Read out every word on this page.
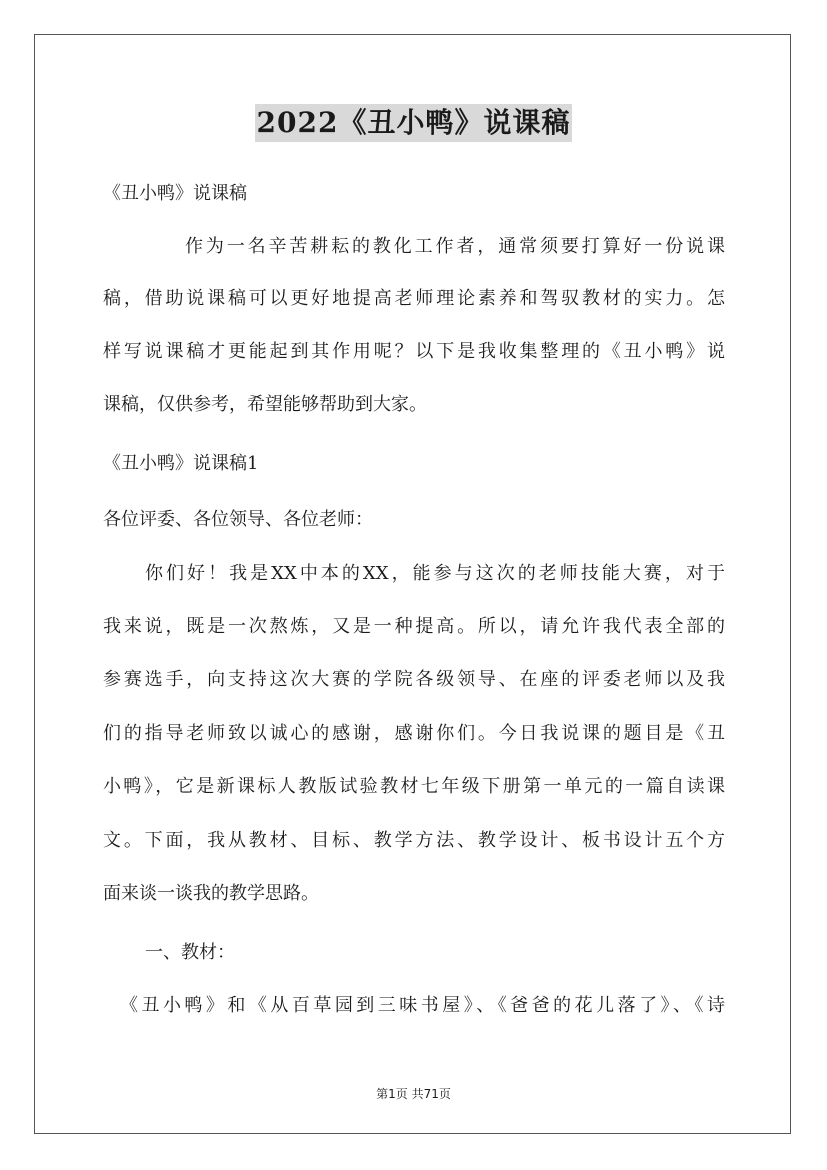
2022《丑小鸭》说课稿
《丑小鸭》说课稿
作为一名辛苦耕耘的教化工作者，通常须要打算好一份说课
稿，借助说课稿可以更好地提高老师理论素养和驾驭教材的实力。怎
样写说课稿才更能起到其作用呢？以下是我收集整理的《丑小鸭》说
课稿，仅供参考，希望能够帮助到大家。
《丑小鸭》说课稿1
各位评委、各位领导、各位老师：
你们好！我是XX中本的XX，能参与这次的老师技能大赛，对于
我来说，既是一次熬炼，又是一种提高。所以，请允许我代表全部的
参赛选手，向支持这次大赛的学院各级领导、在座的评委老师以及我
们的指导老师致以诚心的感谢，感谢你们。今日我说课的题目是《丑
小鸭》，它是新课标人教版试验教材七年级下册第一单元的一篇自读课
文。下面，我从教材、目标、教学方法、教学设计、板书设计五个方
面来谈一谈我的教学思路。
一、教材：
《丑小鸭》和《从百草园到三味书屋》、《爸爸的花儿落了》、《诗
第1页 共71页
